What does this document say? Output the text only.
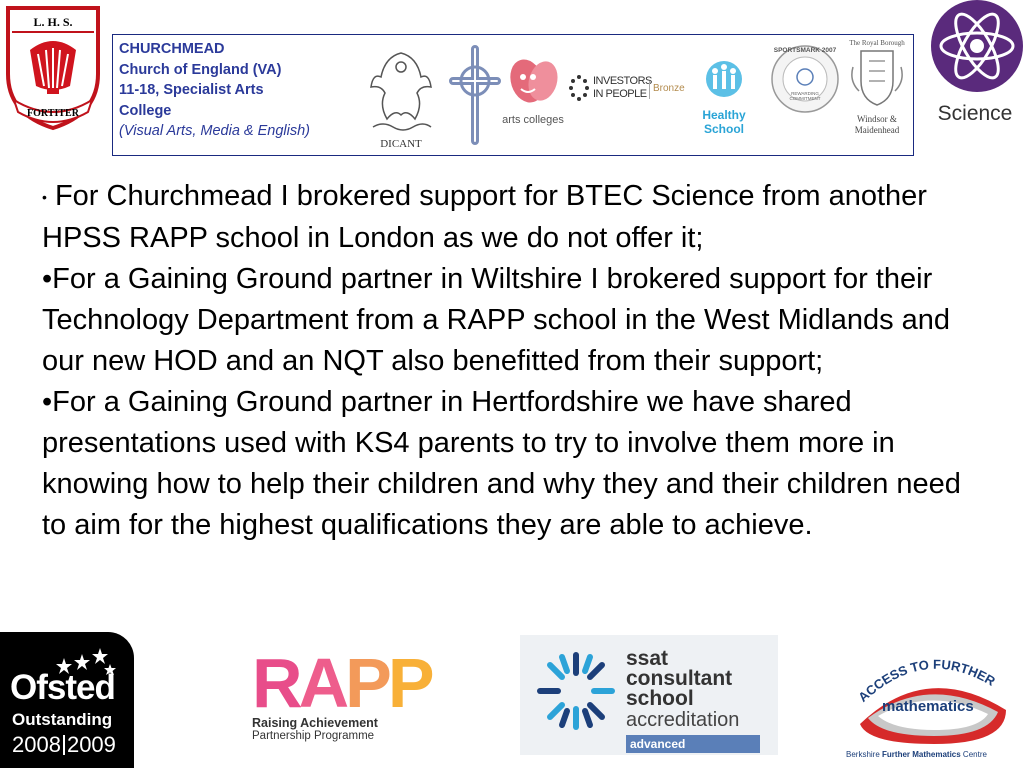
L. H. S.
FORTITER
CHURCHMEAD
Church of England (VA)
11-18, Specialist Arts
College
(Visual Arts, Media & English)
DICANT
arts colleges
INVESTORS
IN PEOPLE Bronze
Healthy School
SPORTSMARK 2007
REWARDING COMMITMENT
The Royal Borough
Windsor &
Maidenhead
Science

• For Churchmead I brokered support for BTEC Science from another HPSS RAPP school in London as we do not offer it;

•For a Gaining Ground partner in Wiltshire I brokered support for their Technology Department from a RAPP school in the West Midlands and our new HOD and an NQT also benefitted from their support;

•For a Gaining Ground partner in Hertfordshire we have shared presentations used with KS4 parents to try to involve them more in knowing how to help their children and why they and their children need to aim for the highest qualifications they are able to achieve.

Ofsted
Outstanding
2008 2009
RAPP
Raising Achievement
Partnership Programme
ssat
consultant
school
accreditation
advanced
ACCESS TO FURTHER
mathematics
Berkshire Further Mathematics Centre
